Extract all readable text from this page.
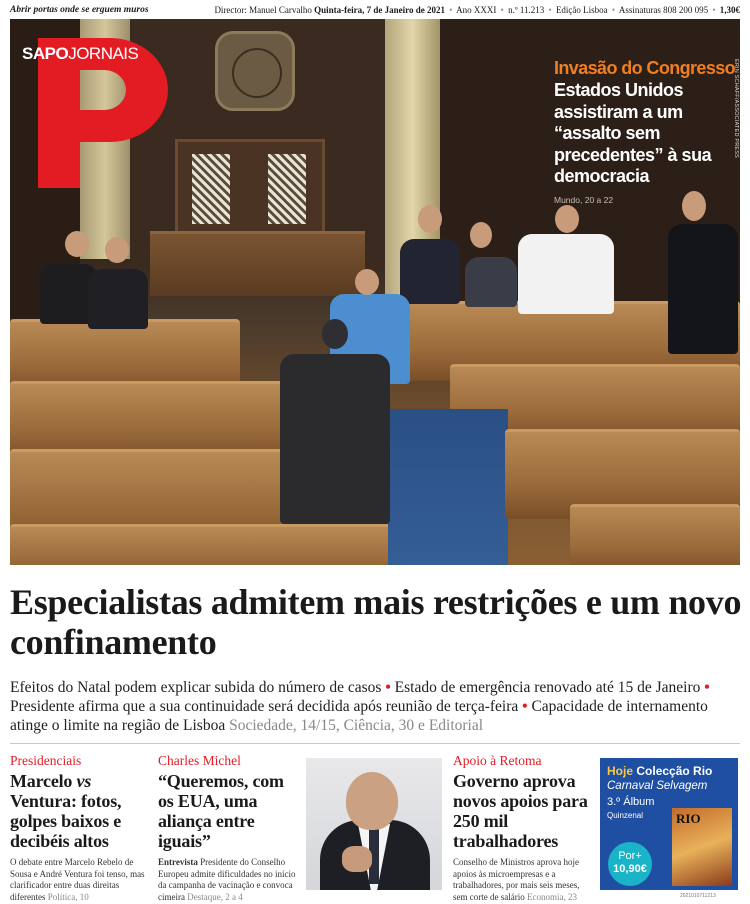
Abrir portas onde se erguem muros	Director: Manuel Carvalho Quinta-feira, 7 de Janeiro de 2021 • Ano XXXI • n.º 11.213 • Edição Lisboa • Assinaturas 808 200 095 • 1,30€
ERIN SCHAFF/ASSOCIATED PRESS
Invasão do Congresso
Estados Unidos assistiram a um “assalto sem precedentes” à sua democracia
Mundo, 20 a 22
SAPOJORNAIS
Público
Especialistas admitem mais restrições e um novo confinamento
Efeitos do Natal podem explicar subida do número de casos • Estado de emergência renovado até 15 de Janeiro • Presidente afirma que a sua continuidade será decidida após reunião de terça-feira • Capacidade de internamento atinge o limite na região de Lisboa Sociedade, 14/15, Ciência, 30 e Editorial
Presidenciais
Marcelo vs Ventura: fotos, golpes baixos e decibéis altos
O debate entre Marcelo Rebelo de Sousa e André Ventura foi tenso, mas clarificador entre duas direitas diferentes Política, 10
Charles Michel
“Queremos, com os EUA, uma aliança entre iguais”
Entrevista Presidente do Conselho Europeu admite dificuldades no início da campanha de vacinação e convoca cimeira Destaque, 2 a 4
Apoio à Retoma
Governo aprova novos apoios para 250 mil trabalhadores
Conselho de Ministros aprova hoje apoios às microempresas e a trabalhadores, por mais seis meses, sem corte de salário Economia, 23
Hoje Colecção Rio
Carnaval Selvagem
3.º Álbum
Quinzenal
Por+
10,90€
RIO
2021010711213
